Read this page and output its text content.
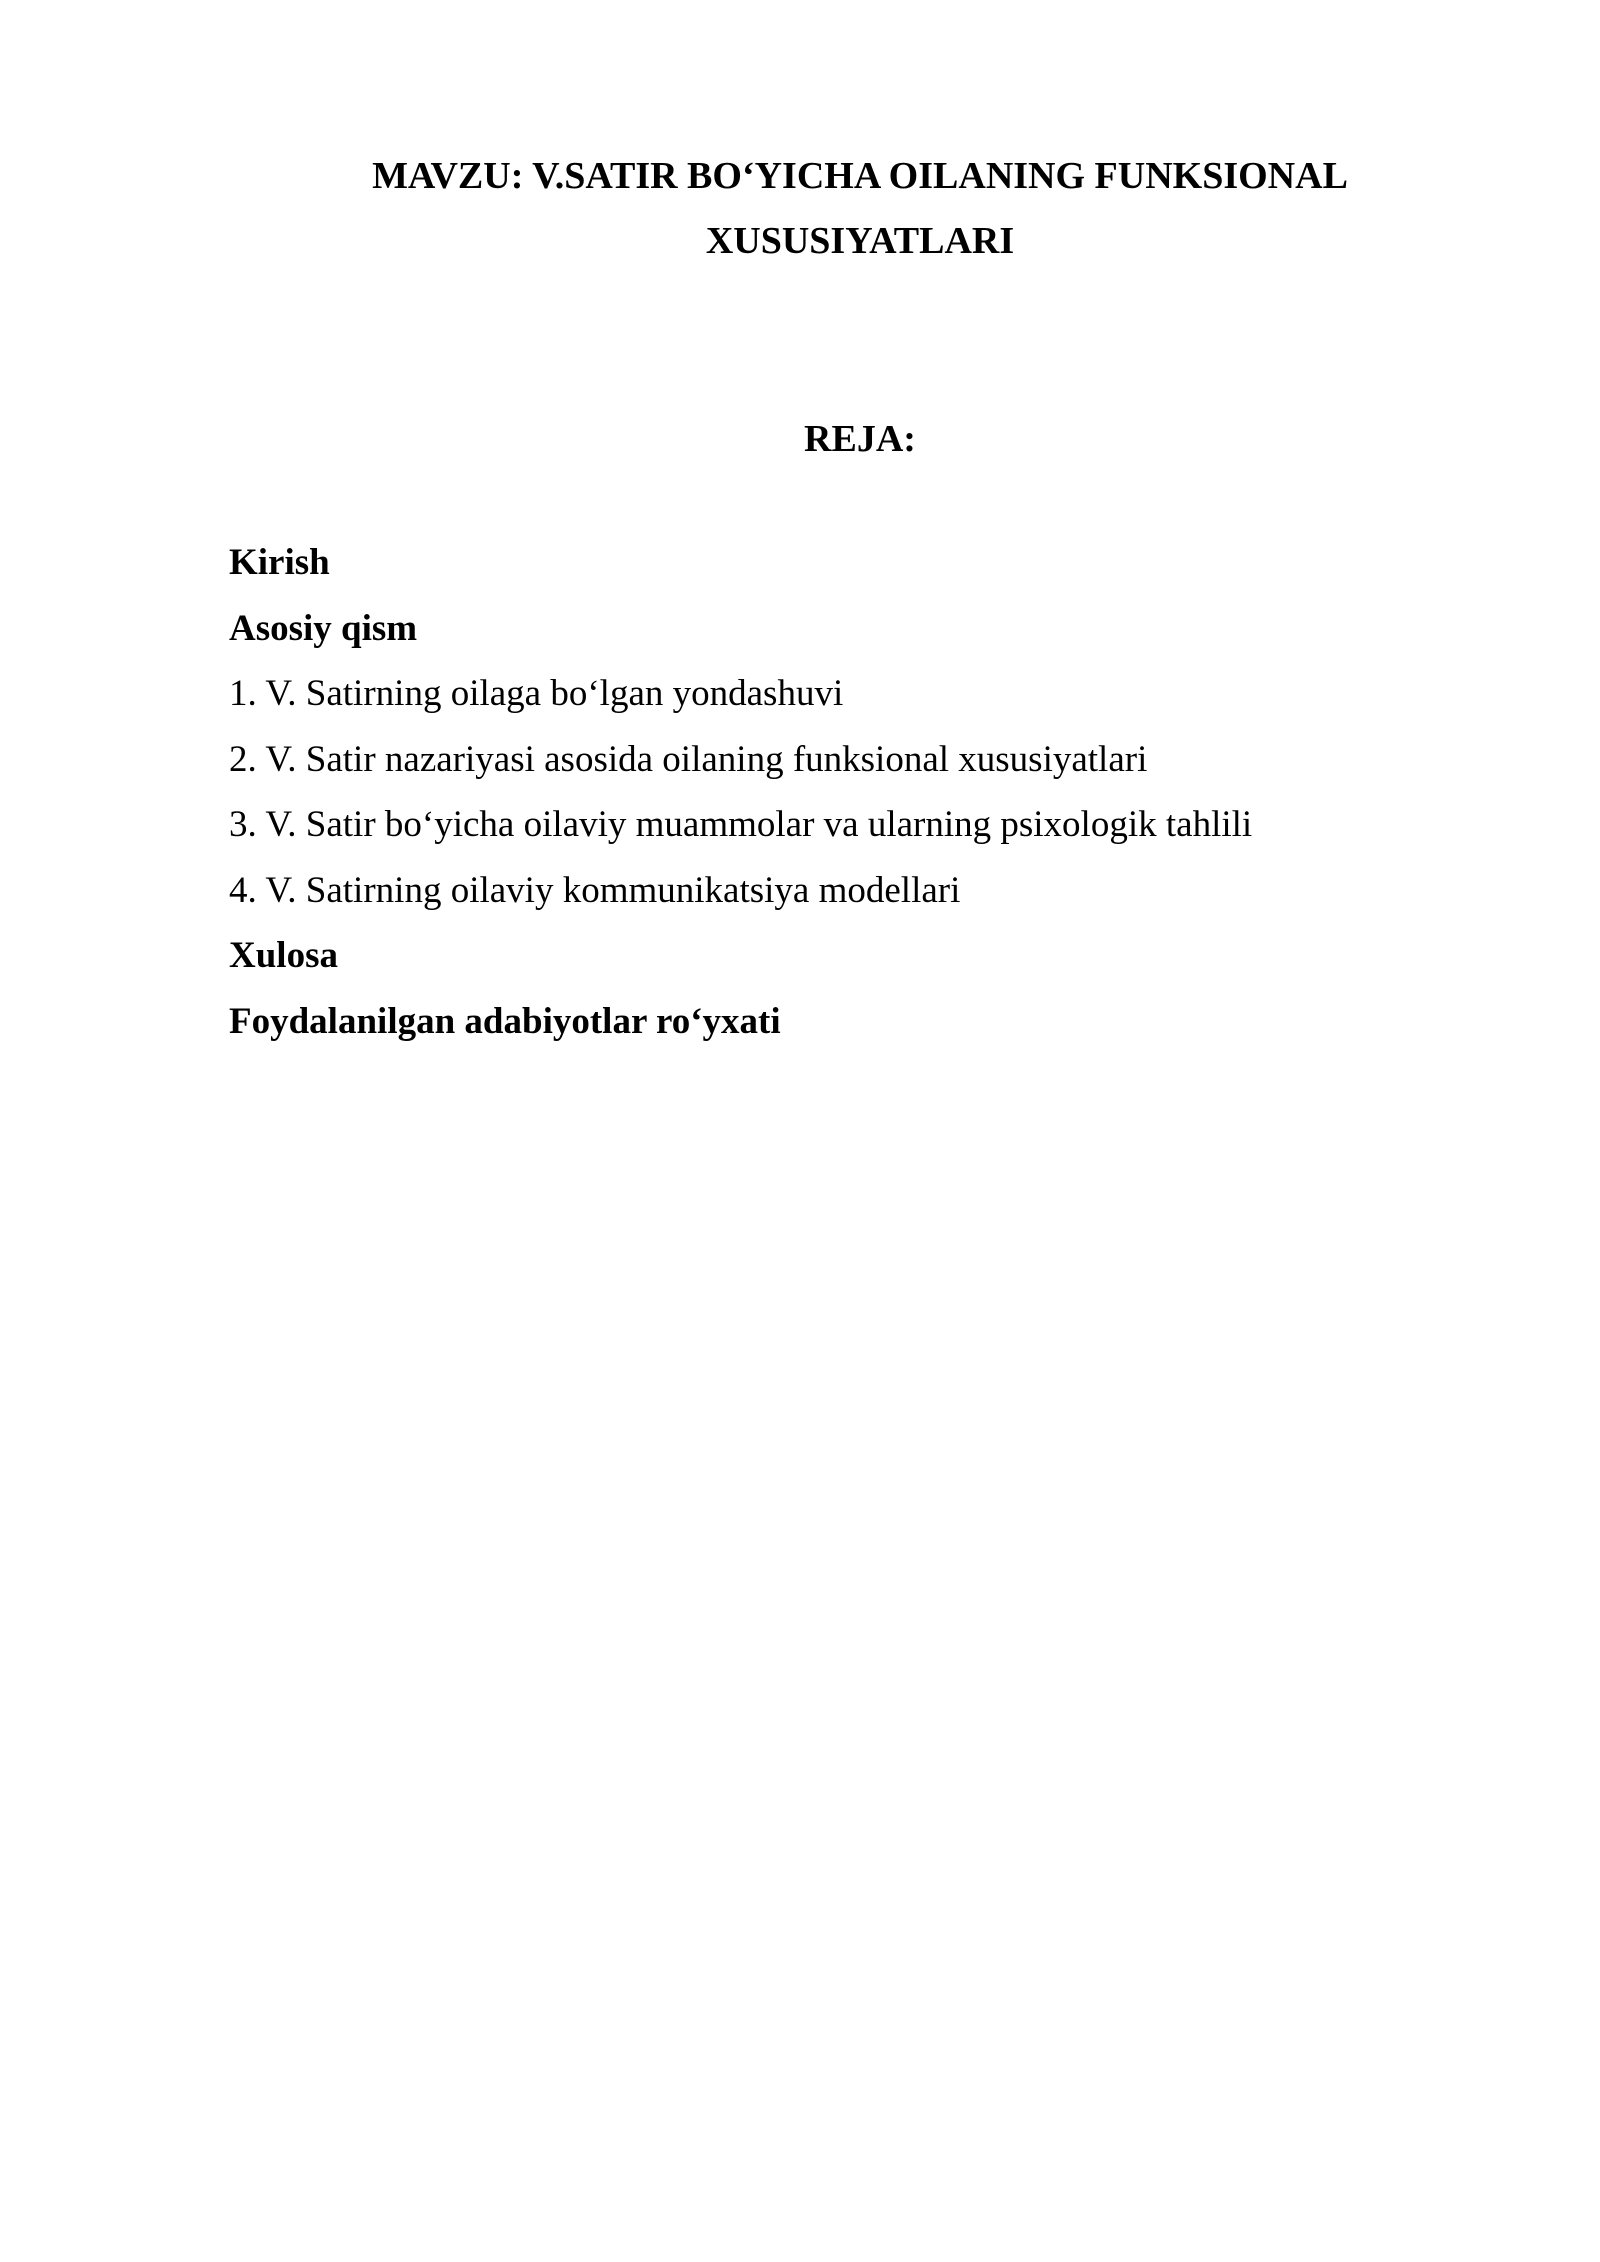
MAVZU: V.SATIR BO‘YICHA OILANING FUNKSIONAL
XUSUSIYATLARI
REJA:
Kirish
Asosiy qism
1. V. Satirning oilaga bo‘lgan yondashuvi
2. V. Satir nazariyasi asosida oilaning funksional xususiyatlari
3. V. Satir bo‘yicha oilaviy muammolar va ularning psixologik tahlili
4. V. Satirning oilaviy kommunikatsiya modellari
Xulosa
Foydalanilgan adabiyotlar ro‘yxati
